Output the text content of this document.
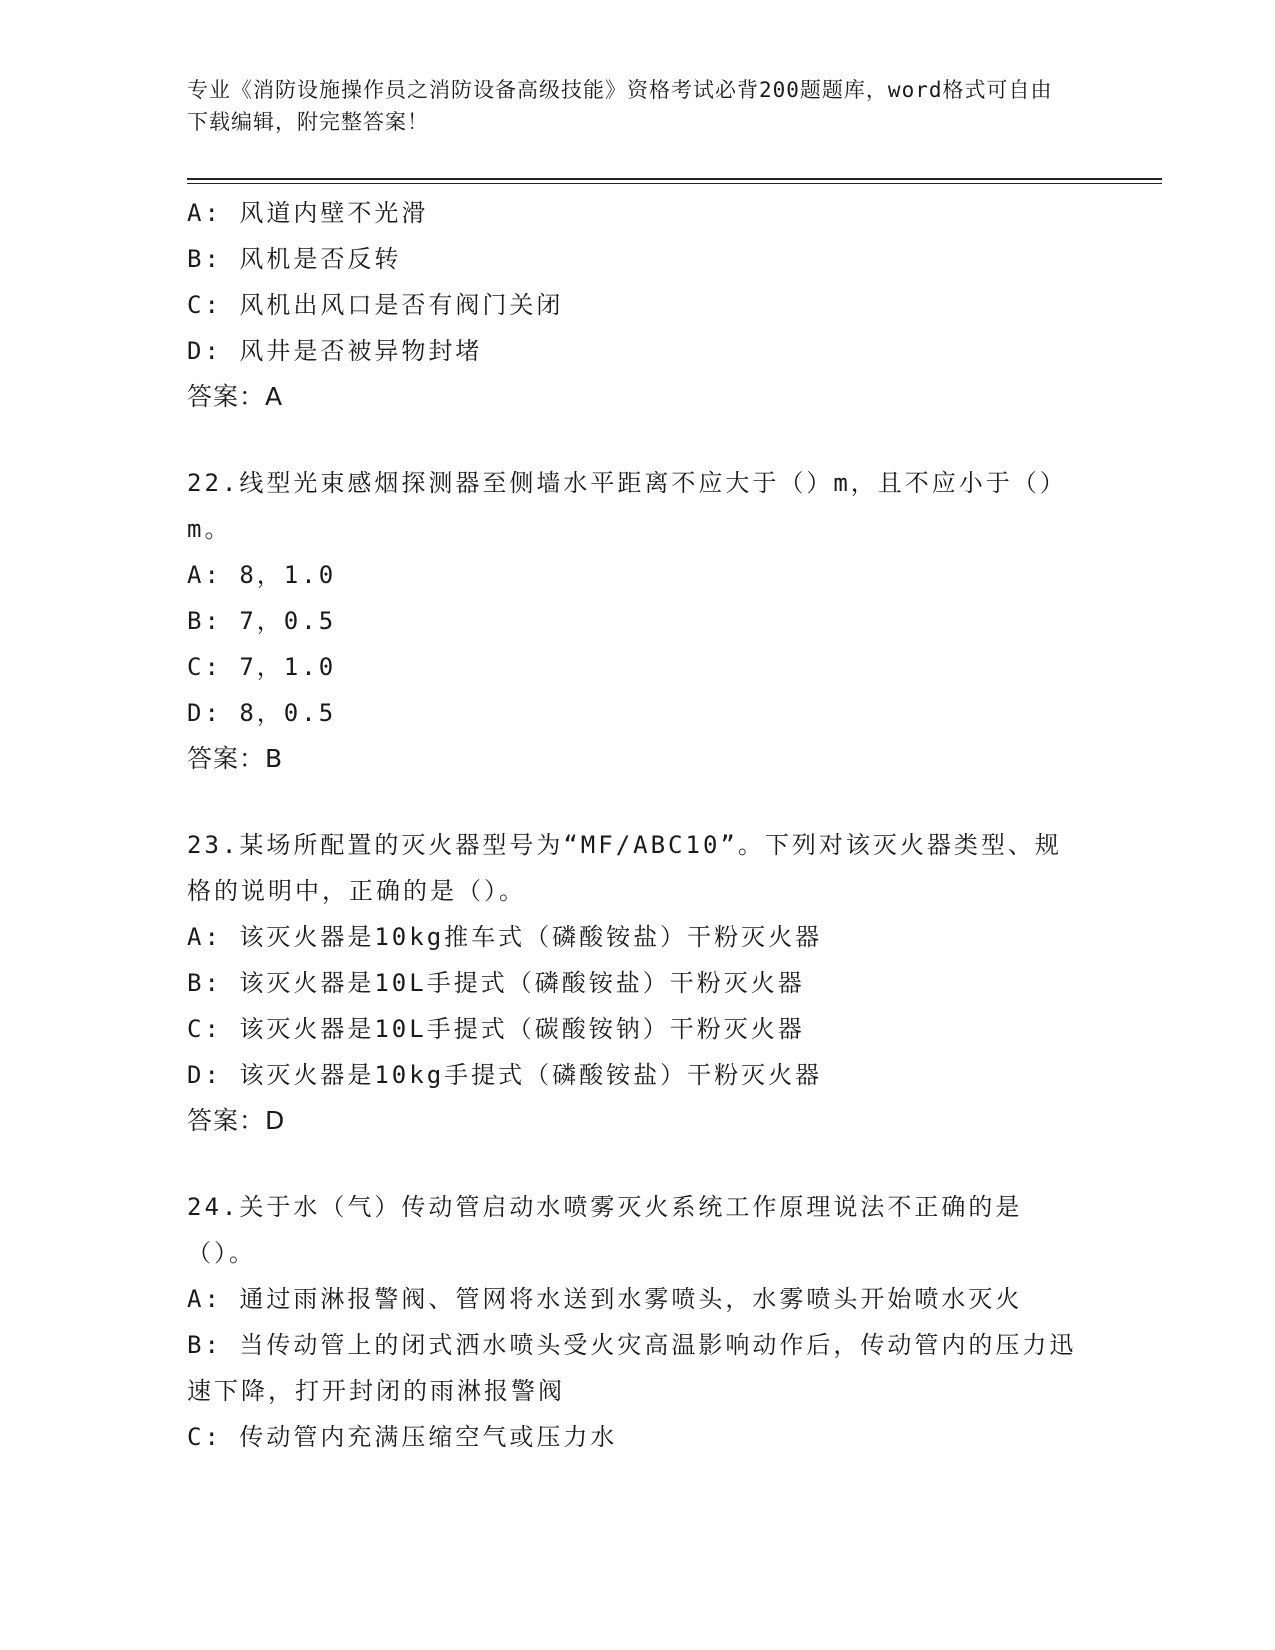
专业《消防设施操作员之消防设备高级技能》资格考试必背200题题库，word格式可自由下载编辑，附完整答案！
A: 风道内壁不光滑
B: 风机是否反转
C: 风机出风口是否有阀门关闭
D: 风井是否被异物封堵
答案：A
22.线型光束感烟探测器至侧墙水平距离不应大于（）m，且不应小于（）m。
A: 8，1.0
B: 7，0.5
C: 7，1.0
D: 8，0.5
答案：B
23.某场所配置的灭火器型号为“MF/ABC10”。下列对该灭火器类型、规格的说明中，正确的是（）。
A: 该灭火器是10kg推车式（磷酸铵盐）干粉灭火器
B: 该灭火器是10L手提式（磷酸铵盐）干粉灭火器
C: 该灭火器是10L手提式（碳酸铵钠）干粉灭火器
D: 该灭火器是10kg手提式（磷酸铵盐）干粉灭火器
答案：D
24.关于水（气）传动管启动水喷雾灭火系统工作原理说法不正确的是（）。
A: 通过雨淋报警阀、管网将水送到水雾喷头，水雾喷头开始喷水灭火
B: 当传动管上的闭式洒水喷头受火灾高温影响动作后，传动管内的压力迅速下降，打开封闭的雨淋报警阀
C: 传动管内充满压缩空气或压力水
